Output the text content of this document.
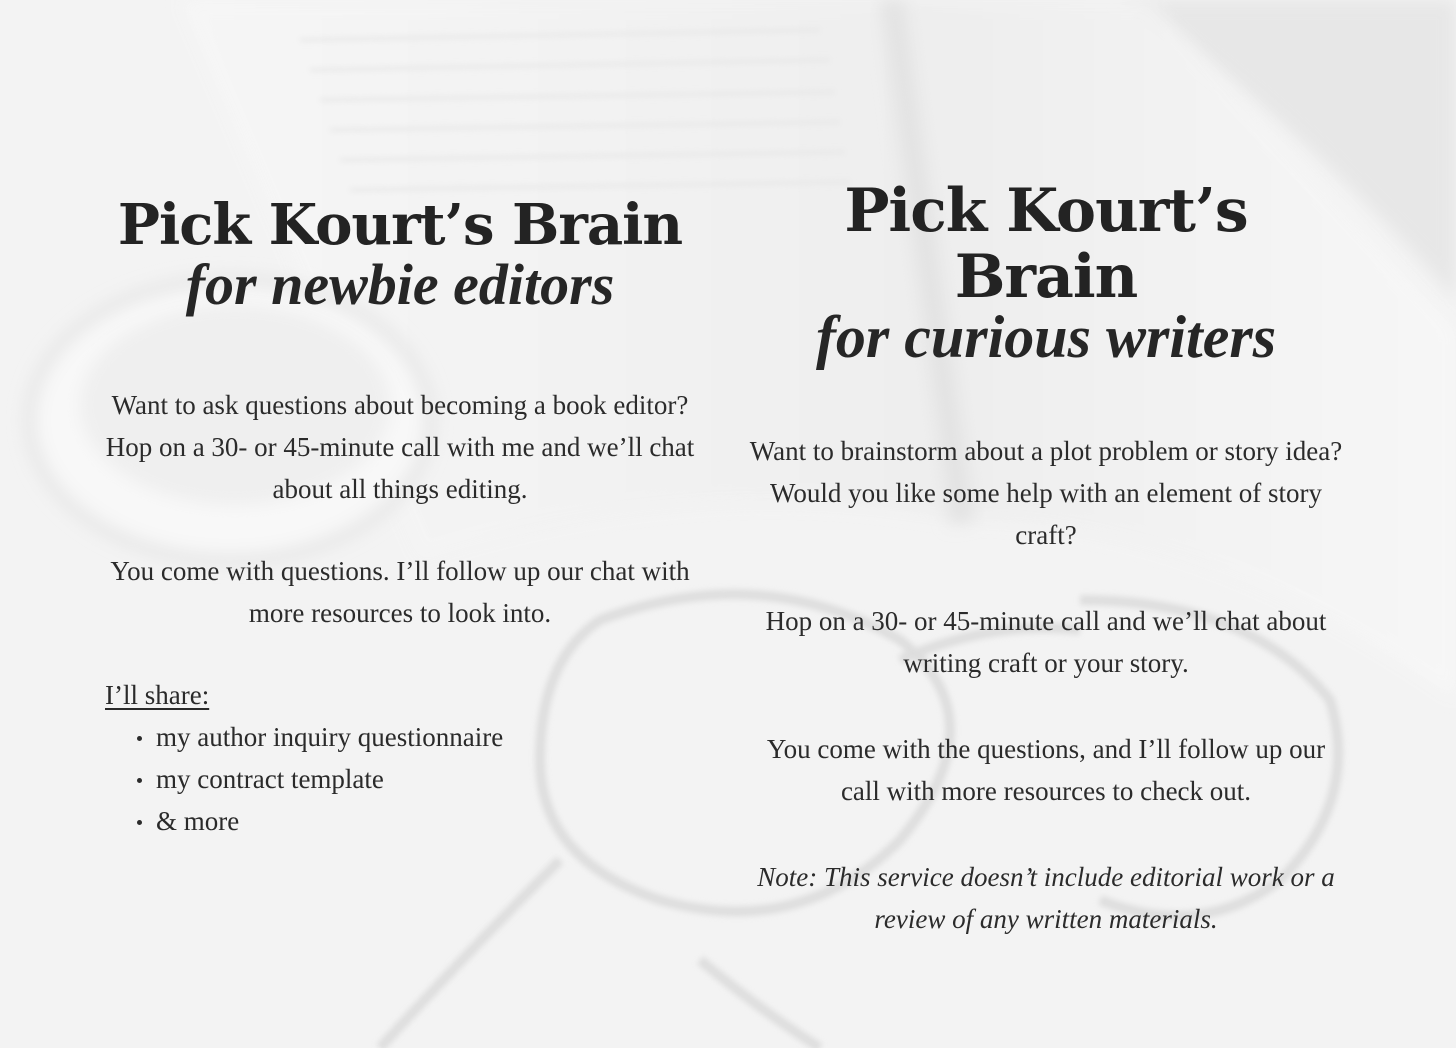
Pick Kourt’s Brain
for newbie editors

Want to ask questions about becoming a book editor? Hop on a 30- or 45-minute call with me and we’ll chat about all things editing.

You come with questions. I’ll follow up our chat with more resources to look into.

I’ll share:

my author inquiry questionnaire
my contract template
& more
Pick Kourt’s Brain
for curious writers

Want to brainstorm about a plot problem or story idea? Would you like some help with an element of story craft?

Hop on a 30- or 45-minute call and we’ll chat about writing craft or your story.

You come with the questions, and I’ll follow up our call with more resources to check out.

Note: This service doesn’t include editorial work or a review of any written materials.
